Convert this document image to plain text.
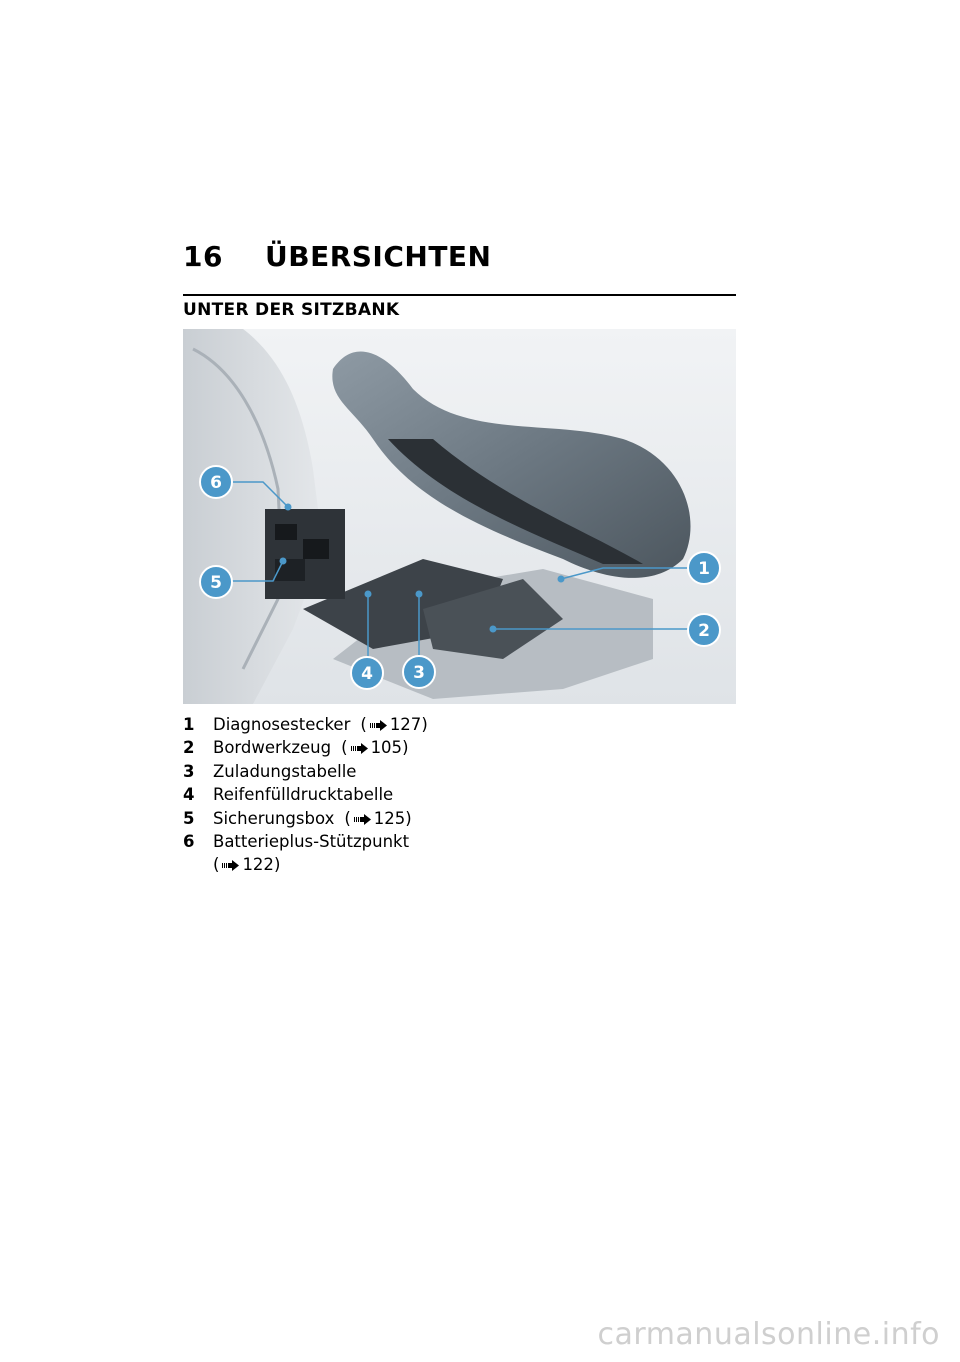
16	ÜBERSICHTEN
UNTER DER SITZBANK
1
2
3
4
5
6
1	Diagnosestecker ( 127)
2	Bordwerkzeug ( 105)
3	Zuladungstabelle
4	Reifenfülldrucktabelle
5	Sicherungsbox ( 125)
6	Batterieplus-Stützpunkt
( 122)
carmanualsonline.info
